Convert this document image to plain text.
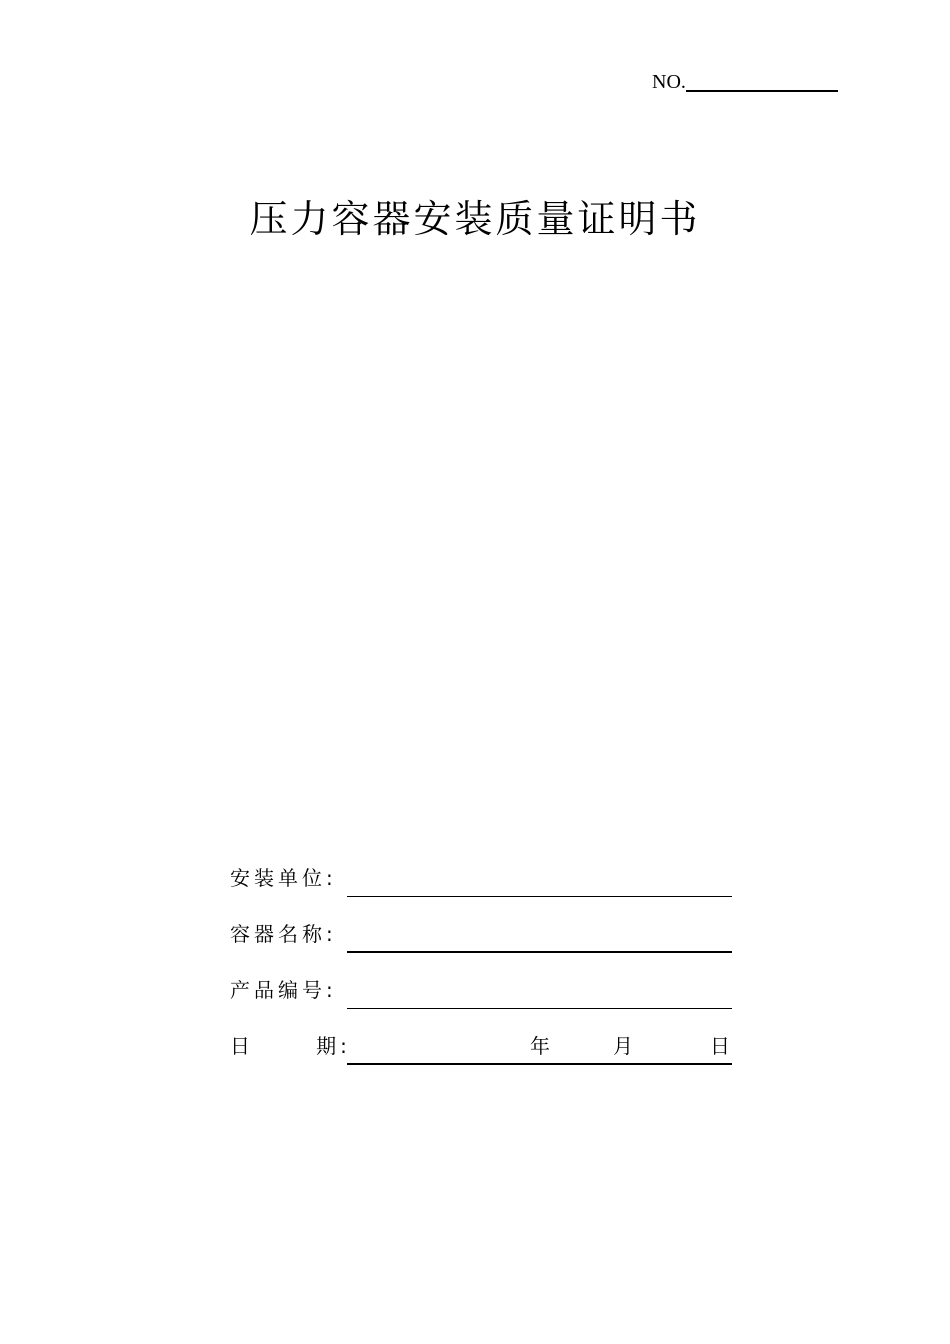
NO.
压力容器安装质量证明书
安装单位:
容器名称:
产品编号:
日      期:	年	月	日
